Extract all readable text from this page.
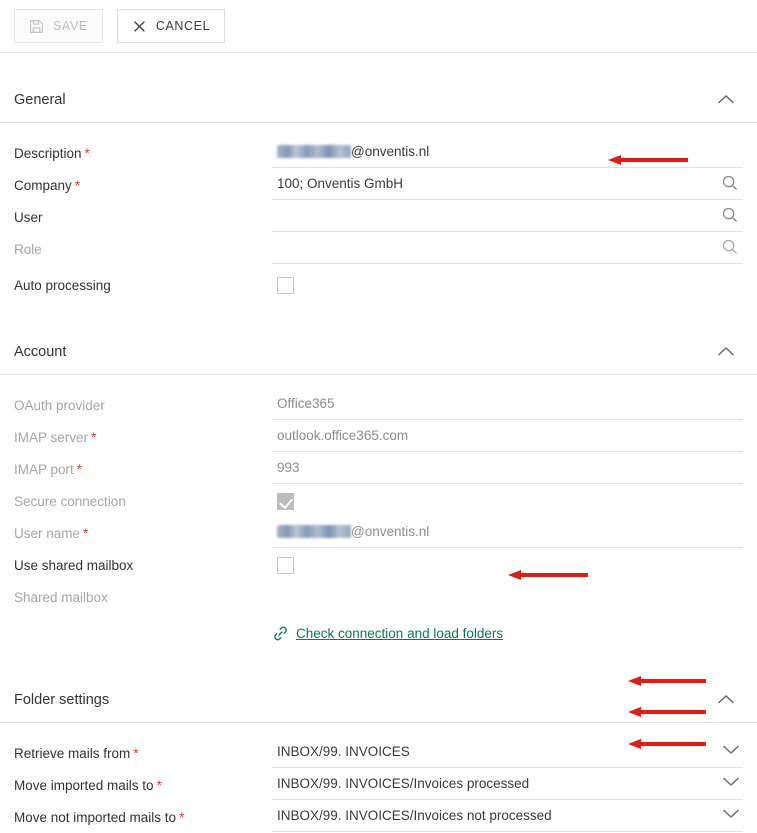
SAVE	CANCEL
General
Description *	@onventis.nl
Company *	100; Onventis GmbH
User
Role
Auto processing
Account
OAuth provider	Office365
IMAP server *	outlook.office365.com
IMAP port *	993
Secure connection
User name *	@onventis.nl
Use shared mailbox
Shared mailbox
Check connection and load folders
Folder settings
Retrieve mails from *	INBOX/99. INVOICES
Move imported mails to *	INBOX/99. INVOICES/Invoices processed
Move not imported mails to *	INBOX/99. INVOICES/Invoices not processed
